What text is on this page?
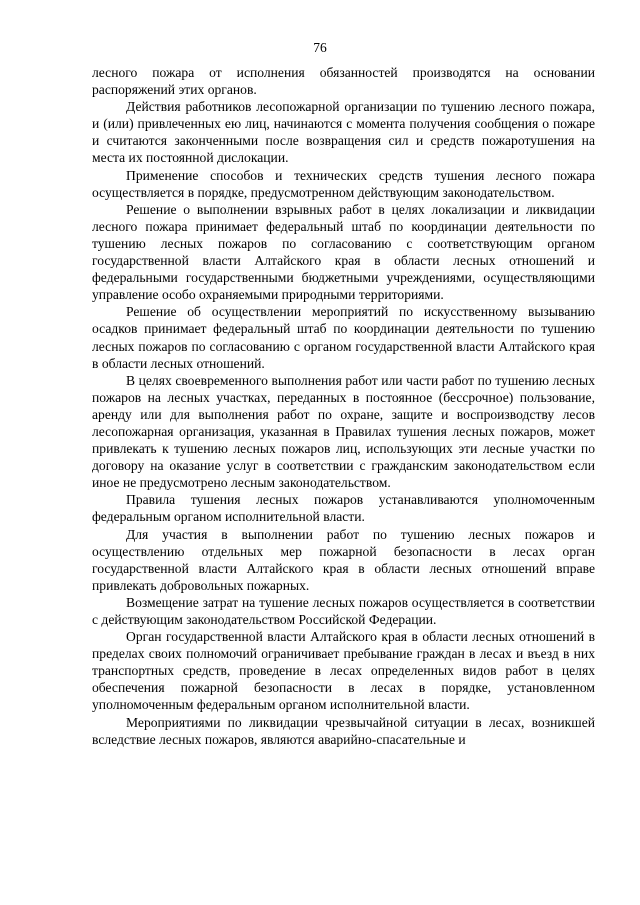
76

лесного пожара от исполнения обязанностей производятся на основании распоряжений этих органов.

Действия работников лесопожарной организации по тушению лесного пожара, и (или) привлеченных ею лиц, начинаются с момента получения сообщения о пожаре и считаются законченными после возвращения сил и средств пожаротушения на места их постоянной дислокации.

Применение способов и технических средств тушения лесного пожара осуществляется в порядке, предусмотренном действующим законодательством.

Решение о выполнении взрывных работ в целях локализации и ликвидации лесного пожара принимает федеральный штаб по координации деятельности по тушению лесных пожаров по согласованию с соответствующим органом государственной власти Алтайского края в области лесных отношений и федеральными государственными бюджетными учреждениями, осуществляющими управление особо охраняемыми природными территориями.

Решение об осуществлении мероприятий по искусственному вызыванию осадков принимает федеральный штаб по координации деятельности по тушению лесных пожаров по согласованию с органом государственной власти Алтайского края в области лесных отношений.

В целях своевременного выполнения работ или части работ по тушению лесных пожаров на лесных участках, переданных в постоянное (бессрочное) пользование, аренду или для выполнения работ по охране, защите и воспроизводству лесов лесопожарная организация, указанная в Правилах тушения лесных пожаров, может привлекать к тушению лесных пожаров лиц, использующих эти лесные участки по договору на оказание услуг в соответствии с гражданским законодательством если иное не предусмотрено лесным законодательством.

Правила тушения лесных пожаров устанавливаются уполномоченным федеральным органом исполнительной власти.

Для участия в выполнении работ по тушению лесных пожаров и осуществлению отдельных мер пожарной безопасности в лесах орган государственной власти Алтайского края в области лесных отношений вправе привлекать добровольных пожарных.

Возмещение затрат на тушение лесных пожаров осуществляется в соответствии с действующим законодательством Российской Федерации.

Орган государственной власти Алтайского края в области лесных отношений в пределах своих полномочий ограничивает пребывание граждан в лесах и въезд в них транспортных средств, проведение в лесах определенных видов работ в целях обеспечения пожарной безопасности в лесах в порядке, установленном уполномоченным федеральным органом исполнительной власти.

Мероприятиями по ликвидации чрезвычайной ситуации в лесах, возникшей вследствие лесных пожаров, являются аварийно-спасательные и
